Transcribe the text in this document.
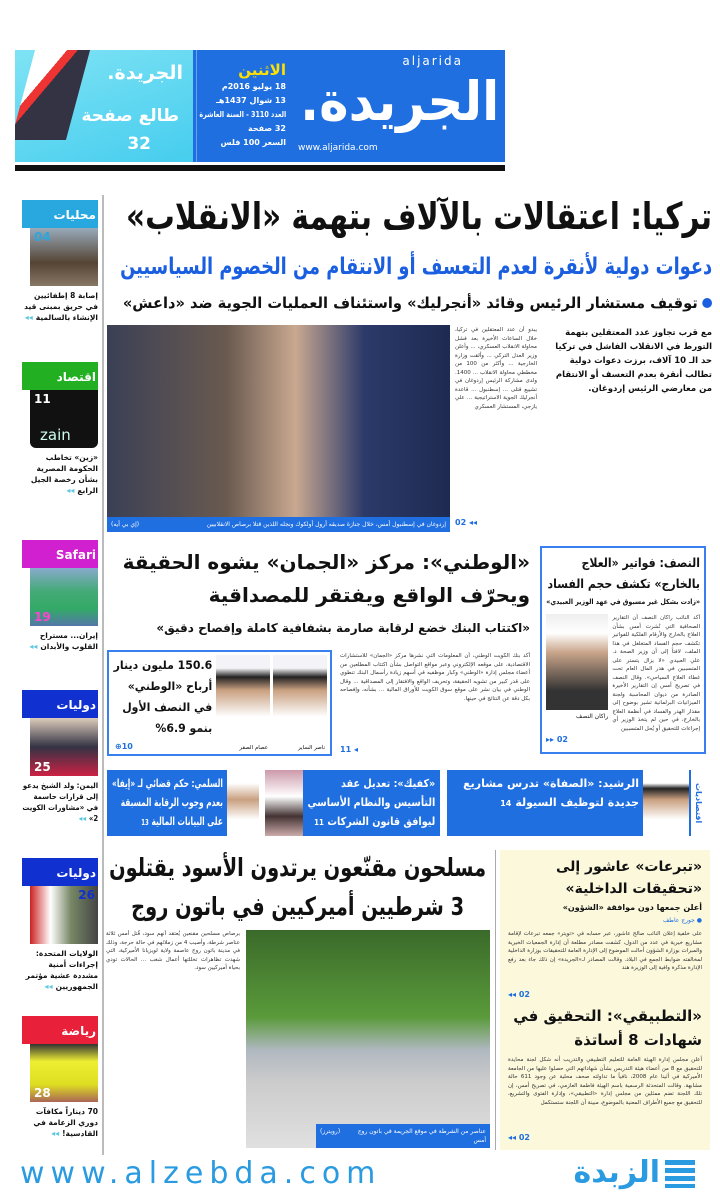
الجريدة.
طالع صفحة
32
الاثنين
18 يوليو 2016م
13 شوال 1437هـ
العدد 3110 - السنة العاشرة
32 صفحة
السعر 100 فلس
aljarida
الجريدة.
www.aljarida.com
تركيا: اعتقالات بالآلاف بتهمة «الانقلاب»
دعوات دولية لأنقرة لعدم التعسف أو الانتقام من الخصوم السياسيين
توقيف مستشار الرئيس وقائد «أنجرليك» واستئناف العمليات الجوية ضد «داعش»
مع قرب تجاوز عدد المعتقلين بتهمة التورط في الانقلاب الفاشل في تركيا حد الـ 10 آلاف، برزت دعوات دولية تطالب أنقرة بعدم التعسف أو الانتقام من معارضي الرئيس إردوغان.
يبدو أن عدد المعتقلين في تركيا، خلال الساعات الأخيرة بعد فشل محاولة الانقلاب العسكري، ... وأعلن وزير العدل التركي ... وألقت وزارة الخارجية ... وأكثر من 100 من مخططي محاولة الانقلاب ... 1400. ولدى مشاركة الرئيس إردوغان في تشييع قتلى ... إسطنبول ... قاعدة أنجرليك الجوية الاستراتيجية ... علي يازجي، المستشار العسكري
◂◂ 02
إردوغان في إسطنبول أمس، خلال جنازة صديقه أرول أولكوك ونجله اللذين قتلا برصاص الانقلابيين
(إي بي أيه)
محليات
04
إصابة 8 إطفائيين في حريق بمبنى قيد الإنشاء بالسالمية◂◂
اقتصاد
11
zain
«زين» تخاطب الحكومة المصرية بشأن رخصة الجيل الرابع◂◂
Safari
19
إيران... مستراح القلوب والأبدان◂◂
دوليات
25
اليمن: ولد الشيخ يدعو إلى قرارات حاسمة في «مشاورات الكويت 2»◂◂
دوليات
26
الولايات المتحدة: إجراءات أمنية مشددة عشية مؤتمر الجمهوريين◂◂
رياضة
28
70 ديناراً مكافآت دوري الزعامة في القادسية!◂◂
النصف: فواتير «العلاج بالخارج» تكشف حجم الفساد
«زادت بشكل غير مسبوق في عهد الوزير العبيدي»
أكد النائب راكان النصف أن التقارير الصحافية التي نُشرت أمس بشأن العلاج بالخارج والأرقام الفلكية للفواتير تكشف حجم الفساد المتغلغل في هذا الملف، لافتاً إلى أن وزير الصحة د. علي العبيدي «لا يزال يتستر على المتسببين في هدر المال العام تحت غطاء العلاج السياحي». وقال النصف في تصريح أمس إن التقارير الأخيرة الصادرة من ديوان المحاسبة ولجنة الميزانيات البرلمانية تشير بوضوح إلى مقدار الهدر والفساد في أنظمة العلاج بالخارج، في حين لم يتخذ الوزير أي إجراءات للتحقيق أو يُحل المتسببين
راكان النصف
▸▸ 02
«الوطني»: مركز «الجمان» يشوه الحقيقة ويحرّف الواقع ويفتقر للمصداقية
«اكتتاب البنك خضع لرقابة صارمة بشفافية كاملة وإفصاح دقيق»
أكد بنك الكويت الوطني، أن المعلومات التي نشرها مركز «الجمان» للاستشارات الاقتصادية، على موقعه الإلكتروني وعبر مواقع التواصل بشأن اكتتاب المطلعين من أعضاء مجلس إدارة «الوطني» وكبار موظفيه في أسهم زيادة رأسمال البنك تنطوي على قدر كبير من تشويه الحقيقة، وتحريف الواقع والافتقار إلى المصداقية ... وقال الوطني في بيان نشر على موقع سوق الكويت للأوراق المالية ... بشأنه، وإفصاحه بكل دقة عن النتائج في حينها.
◂ 11
ناصر الساير
عصام الصقر
150.6 مليون دينار أرباح «الوطني» في النصف الأول بنمو 6.9%
10⊕
اقتصاديات
الرشيد: «الصفاة» تدرس مشاريع جديدة لتوظيف السيولة14
«كفيك»: تعديل عقد التأسيس والنظام الأساسي ليوافق قانون الشركات11
السلمي: حكم قضائي لـ «إيفا» بعدم وجوب الرقابة المسبقة على البيانات المالية13
مسلحون مقنّعون يرتدون الأسود يقتلون 3 شرطيين أميركيين في باتون روج
برصاص مسلحين مقنعين يُعتقد أنهم سود، قُتل أمس ثلاثة عناصر شرطة، وأصيب 4 من زملائهم في حالة حرجة، وذلك في مدينة باتون روج عاصمة ولاية لويزيانا الأميركية، التي شهدت تظاهرات تخللتها أعمال شغب ... الحالات تودي بحياة أميركيين سود.
عناصر من الشرطة في موقع الجريمة في باتون روج أمس
(رويترز)
«تبرعات» عاشور إلى «تحقيقات الداخلية»
أعلن جمعها دون موافقة «الشؤون»
● جورج عاطف
على خلفية إعلان النائب صالح عاشور، عبر حسابه في «تويتر» جمعه تبرعات لإقامة مشاريع خيرية في عدد من الدول، كشفت مصادر مطلعة أن إدارة الجمعيات الخيرية والمبرات بوزارة الشؤون أحالت الموضوع إلى الإدارة العامة للتحقيقات بوزارة الداخلية لمخالفته ضوابط الجمع في البلاد. وقالت المصادر لـ«الجريدة» إن ذلك جاء بعد رفع الإدارة مذكرة وافية إلى الوزيرة هند
02 ◂◂
«التطبيقي»: التحقيق في شهادات 8 أساتذة
أعلن مجلس إدارة الهيئة العامة للتعليم التطبيقي والتدريب أنه شكل لجنة محايدة للتحقيق مع 8 من أعضاء هيئة التدريس بشأن شهاداتهم التي حصلوا عليها من الجامعة الأميركية في أثينا عام 2008، نافياً ما تداولته صحف محلية عن وجود 611 حالة مشابهة. وقالت المتحدثة الرسمية باسم الهيئة فاطمة العازمي، في تصريح أمس، إن تلك اللجنة تضم ممثلين من مجلس إدارة «التطبيقي»، وإدارة الفتوى والتشريع، للتحقيق مع جميع الأطراف المعنية بالموضوع، مبينة أن اللجنة ستستكمل
02 ◂◂
www.alzebda.com	الزبدة
